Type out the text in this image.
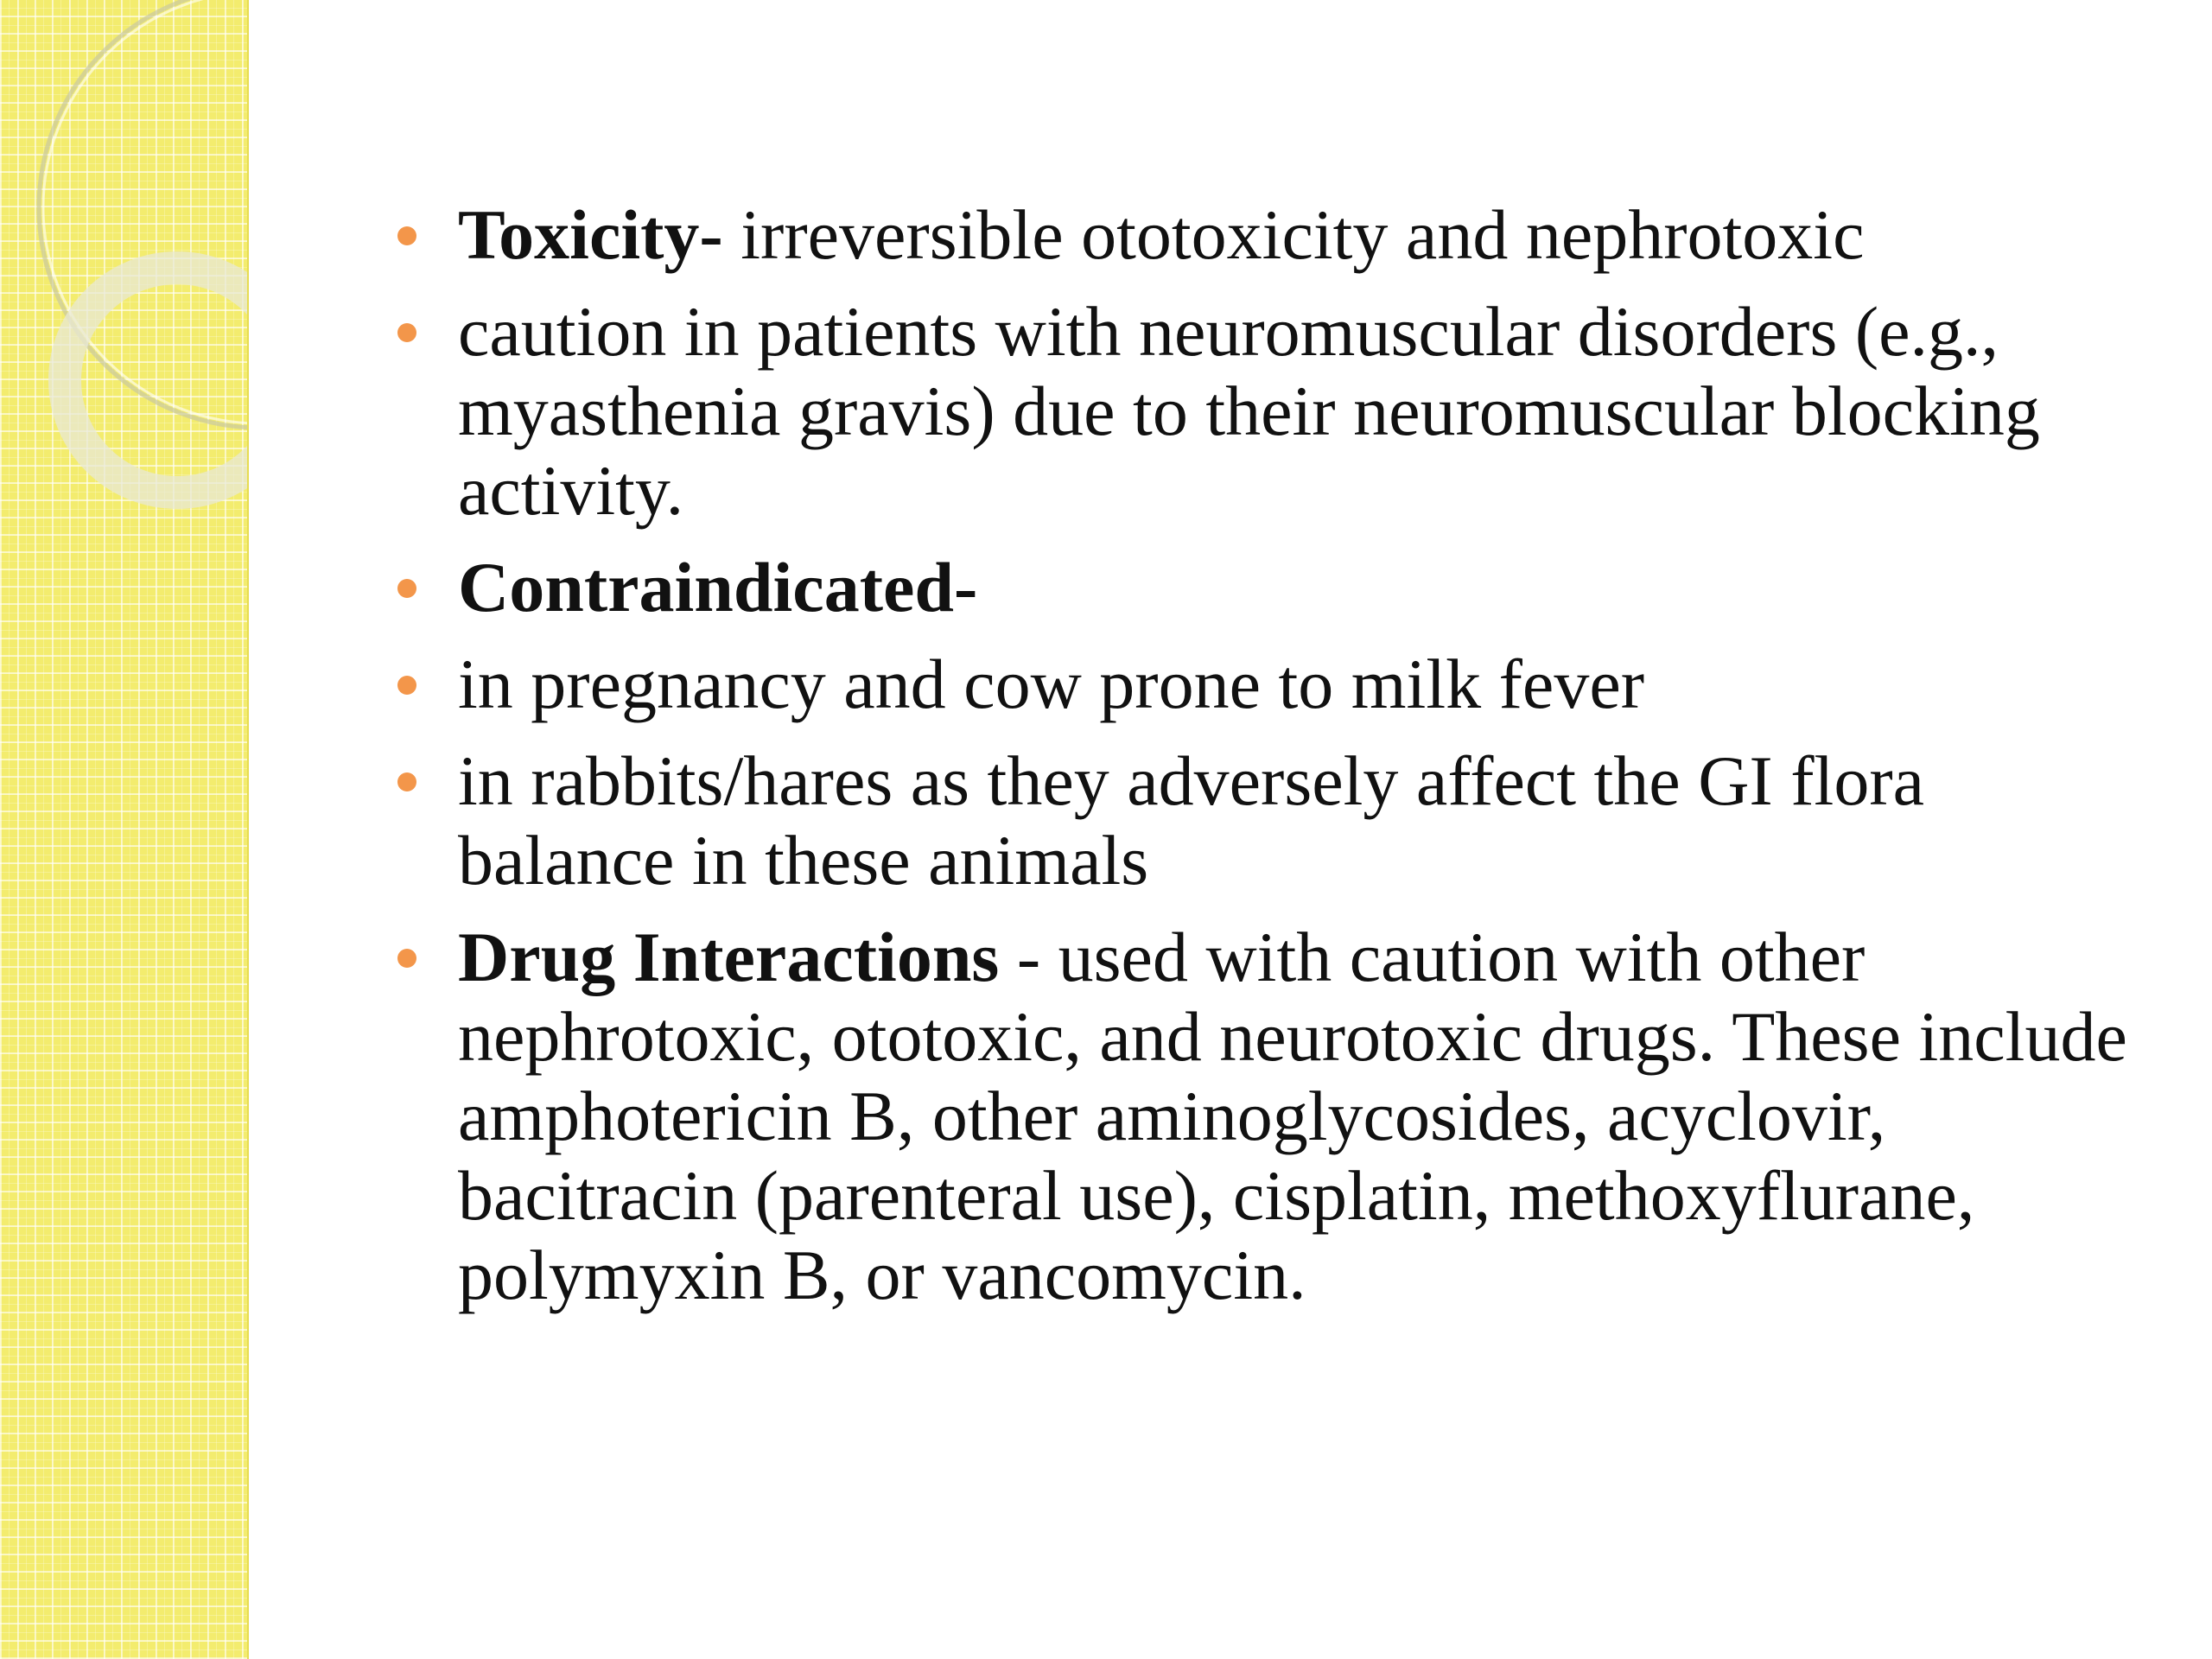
Toxicity- irreversible ototoxicity and nephrotoxic
caution in patients with neuromuscular disorders (e.g., myasthenia gravis) due to their neuromuscular blocking activity.
Contraindicated-
in pregnancy and cow prone to milk fever
in rabbits/hares as they adversely affect the GI flora balance in these animals
Drug Interactions - used with caution with other nephrotoxic, ototoxic, and neurotoxic drugs. These include amphotericin B, other aminoglycosides, acyclovir, bacitracin (parenteral use), cisplatin, methoxyflurane, polymyxin B, or vancomycin.
